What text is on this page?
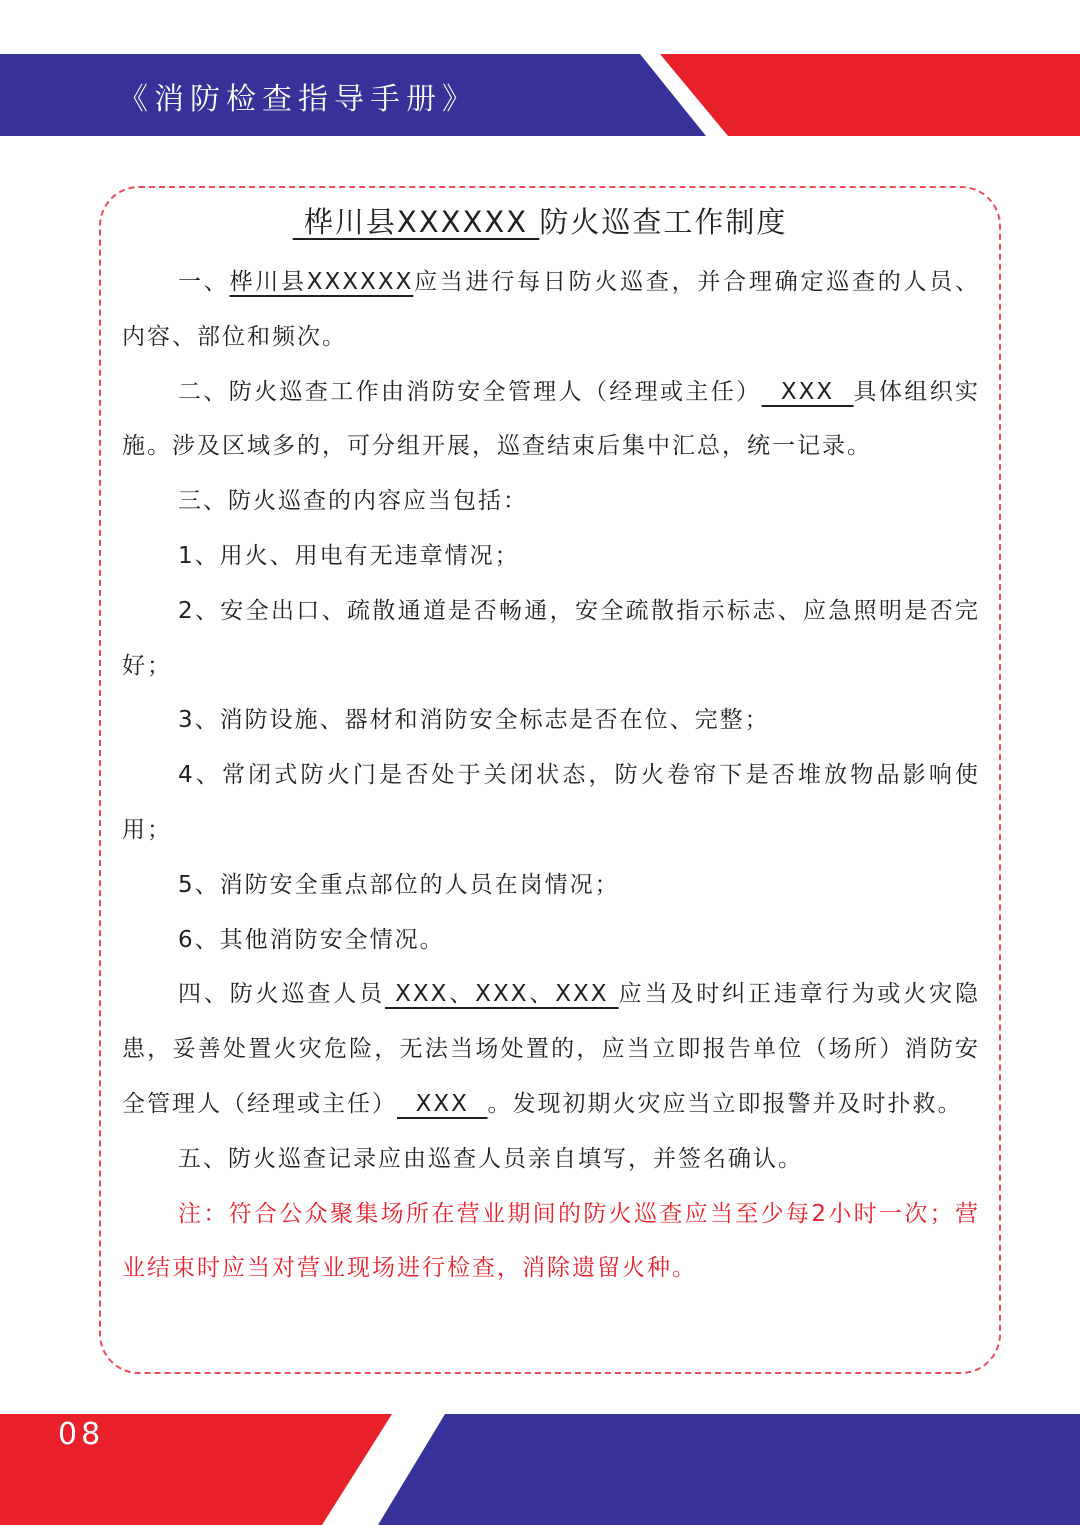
《消防检查指导手册》
桦川县XXXXXX 防火巡查工作制度

一、桦川县XXXXXX应当进行每日防火巡查，并合理确定巡查的人员、内容、部位和频次。

二、防火巡查工作由消防安全管理人（经理或主任）  XXX  具体组织实施。涉及区域多的，可分组开展，巡查结束后集中汇总，统一记录。

三、防火巡查的内容应当包括：

1、用火、用电有无违章情况；

2、安全出口、疏散通道是否畅通，安全疏散指示标志、应急照明是否完好；

3、消防设施、器材和消防安全标志是否在位、完整；

4、常闭式防火门是否处于关闭状态，防火卷帘下是否堆放物品影响使用；

5、消防安全重点部位的人员在岗情况；

6、其他消防安全情况。

四、防火巡查人员 XXX、XXX、XXX 应当及时纠正违章行为或火灾隐患，妥善处置火灾危险，无法当场处置的，应当立即报告单位（场所）消防安全管理人（经理或主任）  XXX  。发现初期火灾应当立即报警并及时扑救。

五、防火巡查记录应由巡查人员亲自填写，并签名确认。

注：符合公众聚集场所在营业期间的防火巡查应当至少每2小时一次；营业结束时应当对营业现场进行检查，消除遗留火种。

08
